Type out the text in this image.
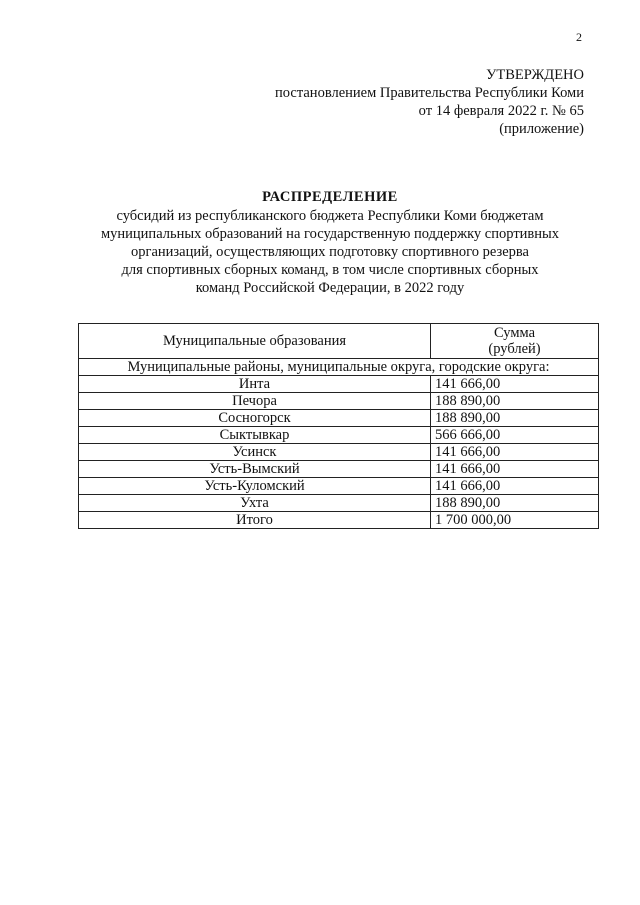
2
УТВЕРЖДЕНО
постановлением Правительства Республики Коми
от 14 февраля 2022 г. № 65
(приложение)
РАСПРЕДЕЛЕНИЕ
субсидий из республиканского бюджета Республики Коми бюджетам
муниципальных образований на государственную поддержку спортивных
организаций, осуществляющих подготовку спортивного резерва
для спортивных сборных команд, в том числе спортивных сборных
команд Российской Федерации, в 2022 году
Муниципальные образования	Сумма
(рублей)

Муниципальные районы, муниципальные округа, городские округа:	
Инта	141 666,00
Печора	188 890,00
Сосногорск	188 890,00
Сыктывкар	566 666,00
Усинск	141 666,00
Усть-Вымский	141 666,00
Усть-Куломский	141 666,00
Ухта	188 890,00
Итого	1 700 000,00
